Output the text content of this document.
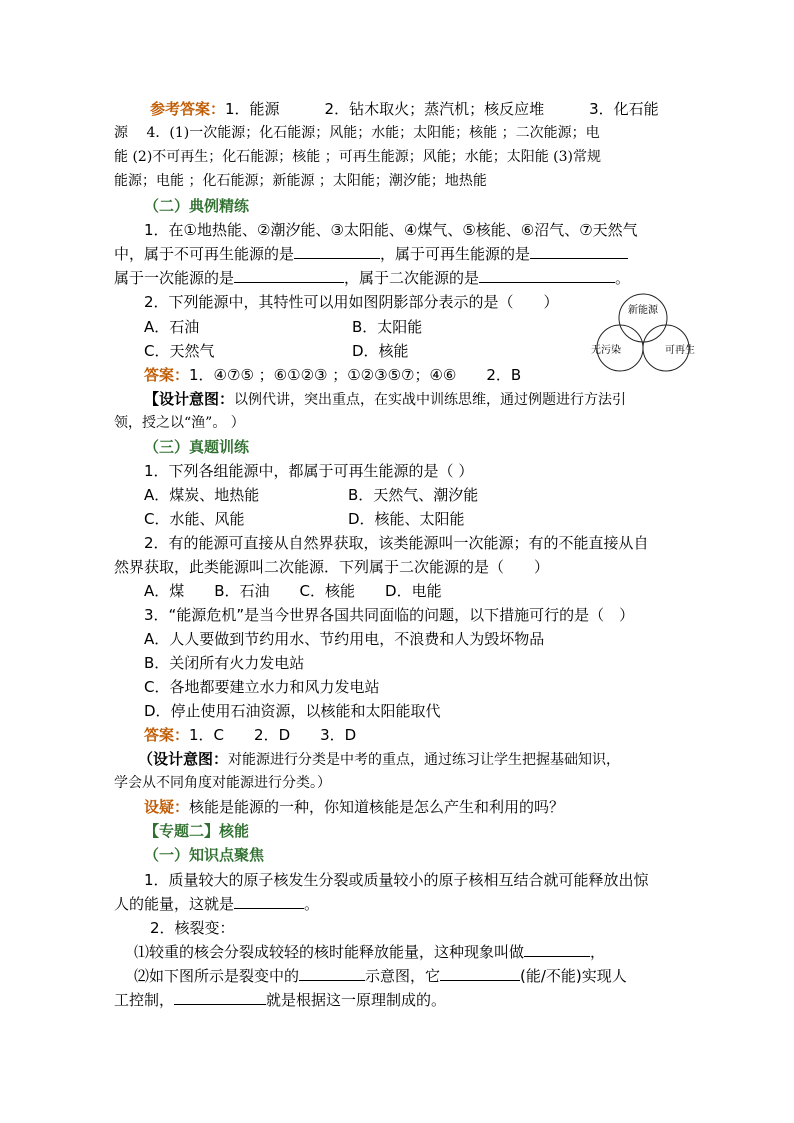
参考答案：1．能源　　　2．钻木取火；蒸汽机；核反应堆　　　3．化石能
源　 4．(1)一次能源；化石能源；风能；水能；太阳能；核能 ；二次能源；电
能 (2)不可再生；化石能源；核能 ；可再生能源；风能；水能；太阳能 (3)常规
能源；电能 ；化石能源；新能源 ；太阳能；潮汐能；地热能
（二）典例精练
1．在①地热能、②潮汐能、③太阳能、④煤气、⑤核能、⑥沼气、⑦天然气
中，属于不可再生能源的是	，属于可再生能源的是
属于一次能源的是	，属于二次能源的是	。
2．下列能源中，其特性可以用如图阴影部分表示的是（　　）
A．石油	B．太阳能
C．天然气	D．核能
新能源
无污染	可再生
答案：1．④⑦⑤ ；⑥①②③ ；①②③⑤⑦；④⑥　　2．B
【设计意图：以例代讲，突出重点，在实战中训练思维，通过例题进行方法引
领，授之以“渔”。 ）
（三）真题训练
1．下列各组能源中，都属于可再生能源的是（ ）
A．煤炭、地热能	B．天然气、潮汐能
C．水能、风能	D．核能、太阳能
2．有的能源可直接从自然界获取，该类能源叫一次能源；有的不能直接从自
然界获取，此类能源叫二次能源．下列属于二次能源的是（　　）
A．煤　　B．石油　　C．核能　　D．电能
3．“能源危机”是当今世界各国共同面临的问题，以下措施可行的是（　）
A．人人要做到节约用水、节约用电，不浪费和人为毁坏物品
B．关闭所有火力发电站
C．各地都要建立水力和风力发电站
D．停止使用石油资源，以核能和太阳能取代
答案：1．C　　2．D　　3．D
（设计意图：对能源进行分类是中考的重点，通过练习让学生把握基础知识，
学会从不同角度对能源进行分类。）
设疑：核能是能源的一种，你知道核能是怎么产生和利用的吗？
【专题二】核能
（一）知识点聚焦
1．质量较大的原子核发生分裂或质量较小的原子核相互结合就可能释放出惊
人的能量，这就是	。
2．核裂变：
⑴较重的核会分裂成较轻的核时能释放能量，这种现象叫做	，
⑵如下图所示是裂变中的	示意图，它	(能/不能)实现人
工控制，	就是根据这一原理制成的。
